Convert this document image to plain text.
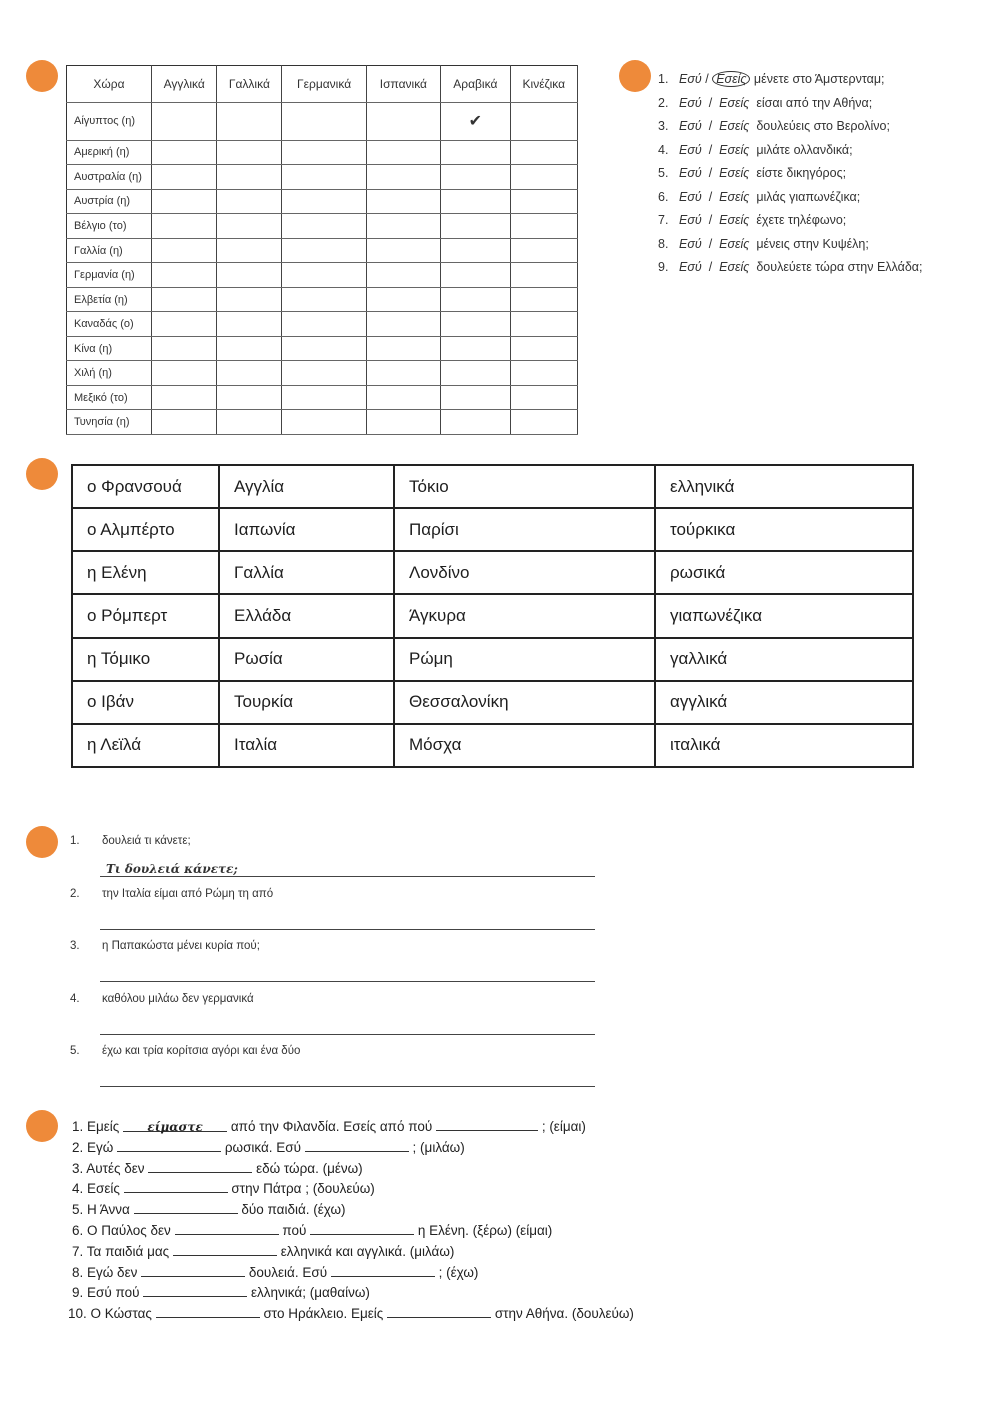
Χώρα	Αγγλικά	Γαλλικά	Γερμανικά	Ισπανικά	Αραβικά	Κινέζικα
Αίγυπτος (η)					✔	
Αμερική (η)						
Αυστραλία (η)						
Αυστρία (η)						
Βέλγιο (το)						
Γαλλία (η)						
Γερμανία (η)						
Ελβετία (η)						
Καναδάς (ο)						
Κίνα (η)						
Χιλή (η)						
Μεξικό (το)						
Τυνησία (η)						
1. Εσύ / Εσείς μένετε στο Άμστερνταμ;
2. Εσύ / Εσείς είσαι από την Αθήνα;
3. Εσύ / Εσείς δουλεύεις στο Βερολίνο;
4. Εσύ / Εσείς μιλάτε ολλανδικά;
5. Εσύ / Εσείς είστε δικηγόρος;
6. Εσύ / Εσείς μιλάς γιαπωνέζικα;
7. Εσύ / Εσείς έχετε τηλέφωνο;
8. Εσύ / Εσείς μένεις στην Κυψέλη;
9. Εσύ / Εσείς δουλεύετε τώρα στην Ελλάδα;
ο Φρανσουά	Αγγλία	Τόκιο	ελληνικά
ο Αλμπέρτο	Ιαπωνία	Παρίσι	τούρκικα
η Ελένη	Γαλλία	Λονδίνο	ρωσικά
ο Ρόμπερτ	Ελλάδα	Άγκυρα	γιαπωνέζικα
η Τόμικο	Ρωσία	Ρώμη	γαλλικά
ο Ιβάν	Τουρκία	Θεσσαλονίκη	αγγλικά
η Λεϊλά	Ιταλία	Μόσχα	ιταλικά
1. δουλειά τι κάνετε;
Τι δουλειά κάνετε;
2. την Ιταλία είμαι από Ρώμη τη από
3. η Παπακώστα μένει κυρία πού;
4. καθόλου μιλάω δεν γερμανικά
5. έχω και τρία κορίτσια αγόρι και ένα δύο
1. Εμείς είμαστε από την Φιλανδία. Εσείς από πού	; (είμαι)
2. Εγώ	ρωσικά. Εσύ	; (μιλάω)
3. Αυτές δεν	εδώ τώρα. (μένω)
4. Εσείς	στην Πάτρα ; (δουλεύω)
5. Η Άννα	δύο παιδιά. (έχω)
6. Ο Παύλος δεν	πού	η Ελένη. (ξέρω) (είμαι)
7. Τα παιδιά μας	ελληνικά και αγγλικά. (μιλάω)
8. Εγώ δεν	δουλειά. Εσύ	; (έχω)
9. Εσύ πού	ελληνικά; (μαθαίνω)
10. Ο Κώστας	στο Ηράκλειο. Εμείς	στην Αθήνα. (δουλεύω)
